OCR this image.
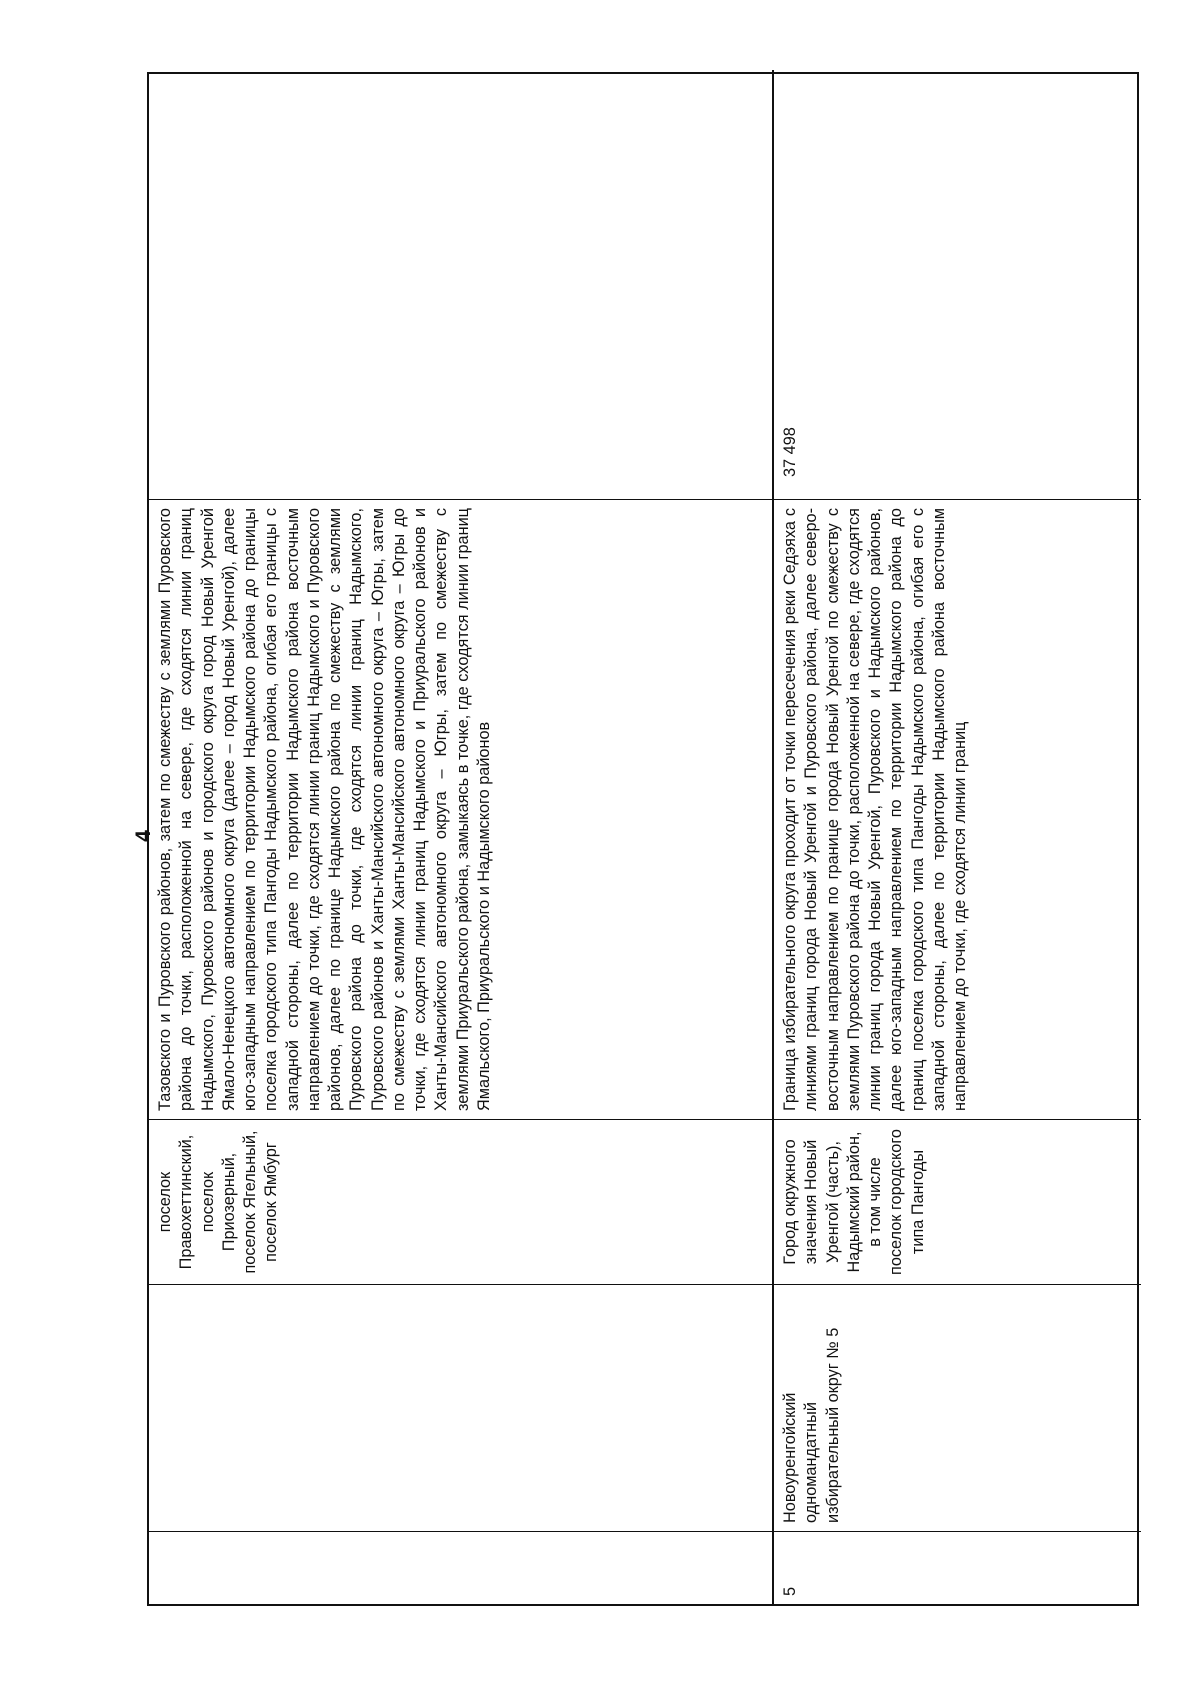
4
поселок Правохеттинский, поселок Приозерный, поселок Ягельный, поселок Ямбург
Тазовского и Пуровского районов, затем по смежеству с землями Пуровского района до точки, расположенной на севере, где сходятся линии границ Надымского, Пуровского районов и городского округа город Новый Уренгой Ямало-Ненецкого автономного округа (далее – город Новый Уренгой), далее юго-западным направлением по территории Надымского района до границы поселка городского типа Пангоды Надымского района, огибая его границы с западной стороны, далее по территории Надымского района восточным направлением до точки, где сходятся линии границ Надымского и Пуровского районов, далее по границе Надымского района по смежеству с землями Пуровского района до точки, где сходятся линии границ Надымского, Пуровского районов и Ханты-Мансийского автономного округа – Югры, затем по смежеству с землями Ханты-Мансийского автономного округа – Югры до точки, где сходятся линии границ Надымского и Приуральского районов и Ханты-Мансийского автономного округа – Югры, затем по смежеству с землями Приуральского района, замыкаясь в точке, где сходятся линии границ Ямальского, Приуральского и Надымского районов
5
Новоуренгойский одномандатный избирательный округ № 5
Город окружного значения Новый Уренгой (часть), Надымский район, в том числе поселок городского типа Пангоды
Граница избирательного округа проходит от точки пересечения реки Седэяха с линиями границ города Новый Уренгой и Пуровского района, далее северо-восточным направлением по границе города Новый Уренгой по смежеству с землями Пуровского района до точки, расположенной на севере, где сходятся линии границ города Новый Уренгой, Пуровского и Надымского районов, далее юго-западным направлением по территории Надымского района до границ поселка городского типа Пангоды Надымского района, огибая его с западной стороны, далее по территории Надымского района восточным направлением до точки, где сходятся линии границ
37 498
